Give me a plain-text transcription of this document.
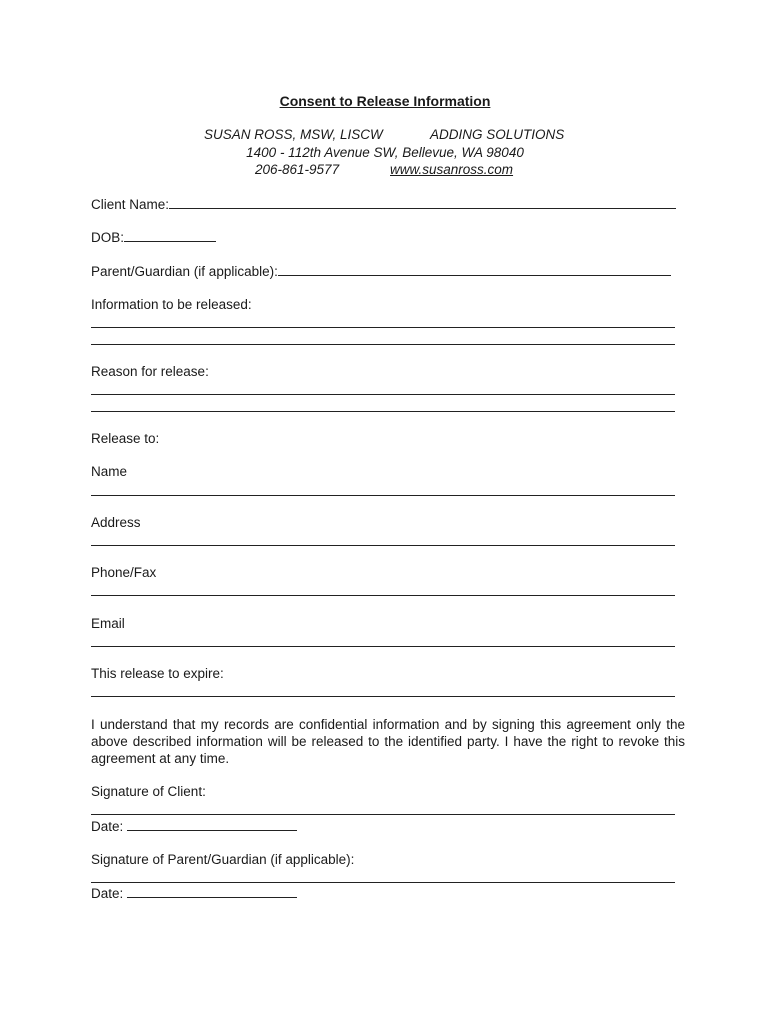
Consent to Release Information
SUSAN ROSS, MSW, LISCW	ADDING SOLUTIONS
1400 - 112th Avenue SW, Bellevue, WA 98040
206-861-9577	www.susanross.com
Client Name:
DOB:
Parent/Guardian (if applicable):
Information to be released:
Reason for release:
Release to:
Name
Address
Phone/Fax
Email
This release to expire:
I understand that my records are confidential information and by signing this agreement only the above described information will be released to the identified party. I have the right to revoke this agreement at any time.
Signature of Client:
Date:
Signature of Parent/Guardian (if applicable):
Date:
